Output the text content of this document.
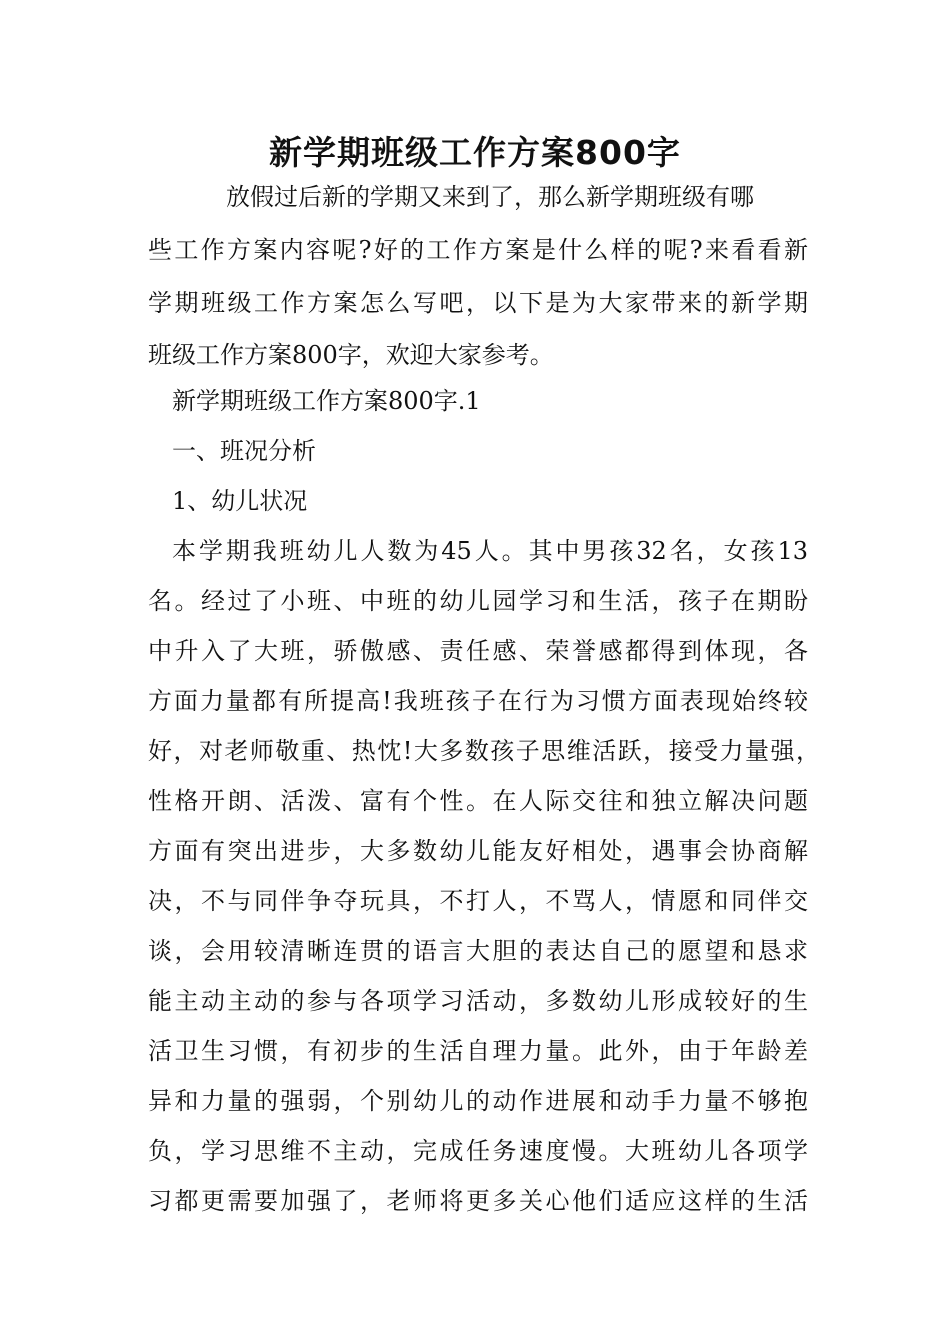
新学期班级工作方案800字

放假过后新的学期又来到了，那么新学期班级有哪

些工作方案内容呢?好的工作方案是什么样的呢?来看看新

学期班级工作方案怎么写吧，以下是为大家带来的新学期

班级工作方案800字，欢迎大家参考。

新学期班级工作方案800字.1

一、班况分析

1、幼儿状况

本学期我班幼儿人数为45人。其中男孩32名，女孩13

名。经过了小班、中班的幼儿园学习和生活，孩子在期盼

中升入了大班，骄傲感、责任感、荣誉感都得到体现，各

方面力量都有所提高!我班孩子在行为习惯方面表现始终较

好，对老师敬重、热忱!大多数孩子思维活跃，接受力量强，

性格开朗、活泼、富有个性。在人际交往和独立解决问题

方面有突出进步，大多数幼儿能友好相处，遇事会协商解

决，不与同伴争夺玩具，不打人，不骂人，情愿和同伴交

谈，会用较清晰连贯的语言大胆的表达自己的愿望和恳求

能主动主动的参与各项学习活动，多数幼儿形成较好的生

活卫生习惯，有初步的生活自理力量。此外，由于年龄差

异和力量的强弱，个别幼儿的动作进展和动手力量不够抱

负，学习思维不主动，完成任务速度慢。大班幼儿各项学

习都更需要加强了，老师将更多关心他们适应这样的生活
